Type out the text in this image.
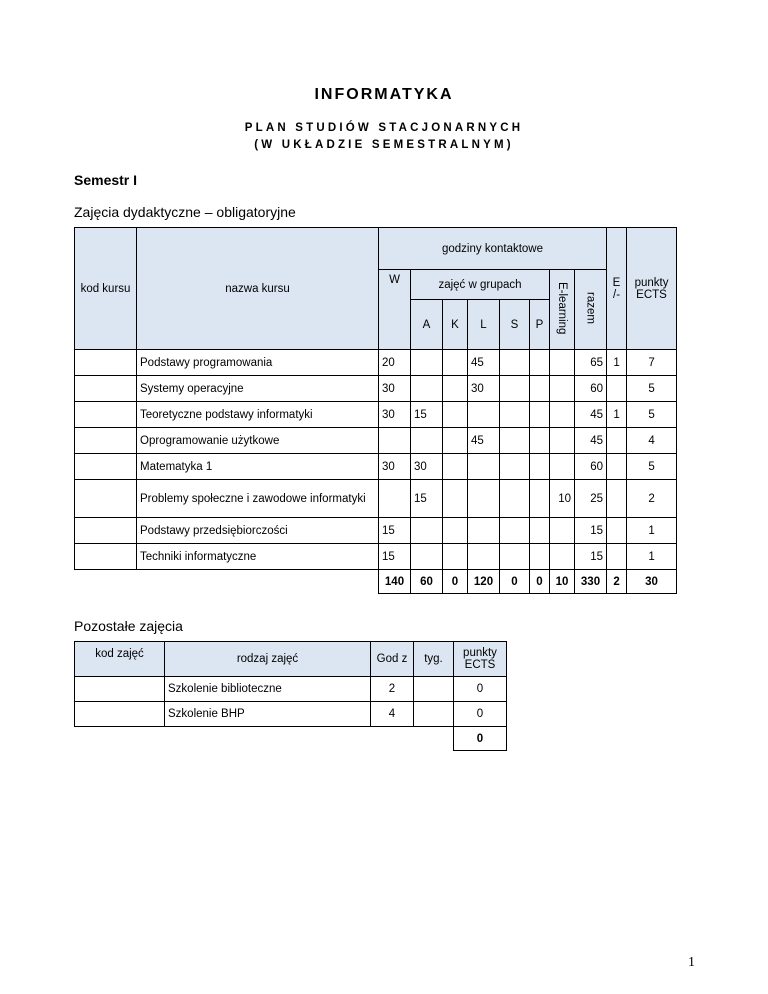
INFORMATYKA
PLAN STUDIÓW STACJONARNYCH
(W UKŁADZIE SEMESTRALNYM)
Semestr I
Zajęcia dydaktyczne – obligatoryjne
kod kursu	nazwa kursu	godziny kontaktowe								E /-	punkty ECTS
		W	zajęć w grupach					E-learning	razem		
			A	K	L	S	P				
	Podstawy programowania	20			45				65	1	7
	Systemy operacyjne	30			30				60		5
	Teoretyczne podstawy informatyki	30	15						45	1	5
	Oprogramowanie użytkowe				45				45		4
	Matematyka 1	30	30						60		5
	Problemy społeczne i zawodowe informatyki		15					10	25		2
	Podstawy przedsiębiorczości	15							15		1
	Techniki informatyczne	15							15		1
		140	60	0	120	0	0	10	330	2	30
Pozostałe zajęcia
kod zajęć	rodzaj zajęć	God z	tyg.	punkty ECTS
	Szkolenie biblioteczne	2		0
	Szkolenie BHP	4		0
				0
1
